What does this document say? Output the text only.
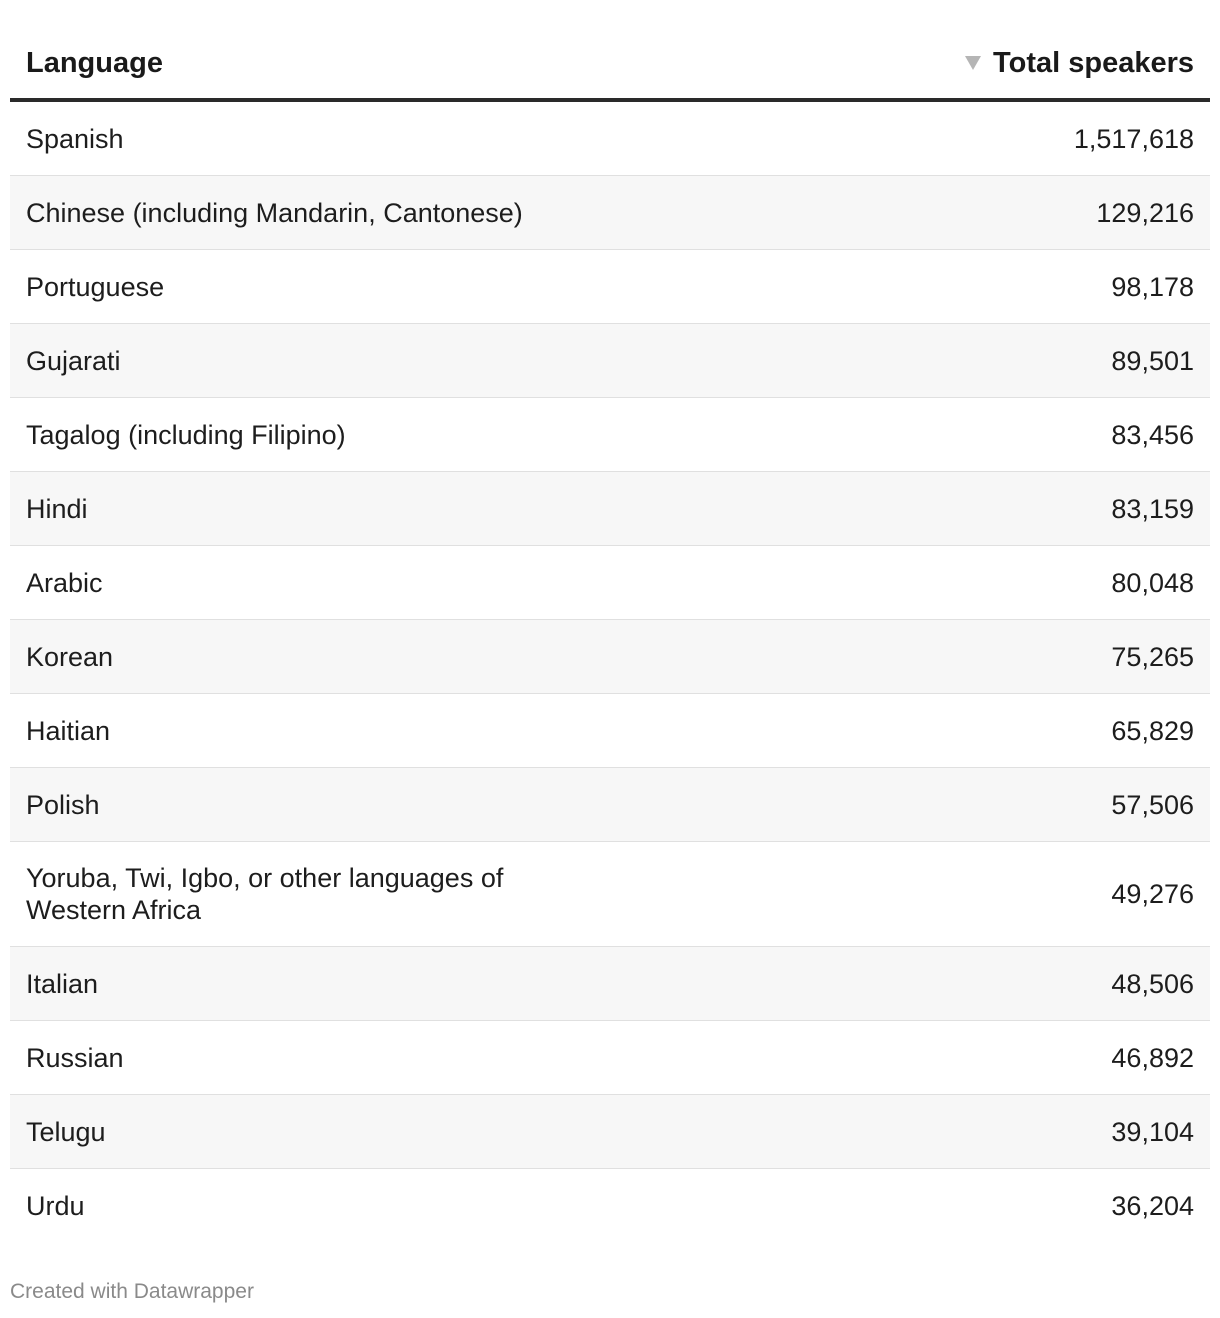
Language	Total speakers

Spanish	1,517,618

Chinese (including Mandarin, Cantonese)	129,216

Portuguese	98,178

Gujarati	89,501

Tagalog (including Filipino)	83,456

Hindi	83,159

Arabic	80,048

Korean	75,265

Haitian	65,829

Polish	57,506

Yoruba, Twi, Igbo, or other languages of Western Africa	49,276

Italian	48,506

Russian	46,892

Telugu	39,104

Urdu	36,204
Created with Datawrapper
